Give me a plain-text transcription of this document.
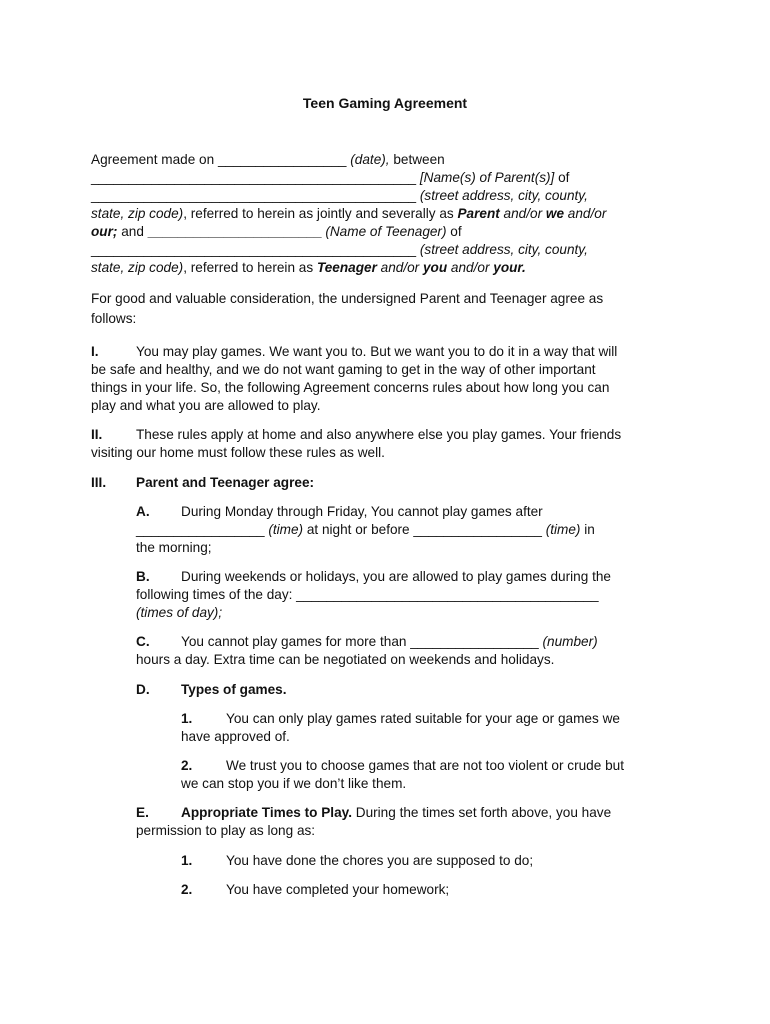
Teen Gaming Agreement

Agreement made on _________________ (date), between

___________________________________________ [Name(s) of Parent(s)] of

___________________________________________ (street address, city, county,

state, zip code), referred to herein as jointly and severally as Parent and/or we and/or

our; and _______________________ (Name of Teenager) of

___________________________________________ (street address, city, county,

state, zip code), referred to herein as Teenager and/or you and/or your.

For good and valuable consideration, the undersigned Parent and Teenager agree as

follows:

I.	You may play games. We want you to. But we want you to do it in a way that will

be safe and healthy, and we do not want gaming to get in the way of other important

things in your life. So, the following Agreement concerns rules about how long you can

play and what you are allowed to play.

II. These rules apply at home and also anywhere else you play games. Your friends

visiting our home must follow these rules as well.

III. Parent and Teenager agree:

A. During Monday through Friday, You cannot play games after

_________________ (time) at night or before _________________ (time) in

the morning;

B. During weekends or holidays, you are allowed to play games during the

following times of the day: ________________________________________

(times of day);

C. You cannot play games for more than _________________ (number)

hours a day. Extra time can be negotiated on weekends and holidays.

D. Types of games.

1. You can only play games rated suitable for your age or games we

have approved of.

2. We trust you to choose games that are not too violent or crude but

we can stop you if we don’t like them.

E. Appropriate Times to Play. During the times set forth above, you have

permission to play as long as:

1. You have done the chores you are supposed to do;

2. You have completed your homework;
